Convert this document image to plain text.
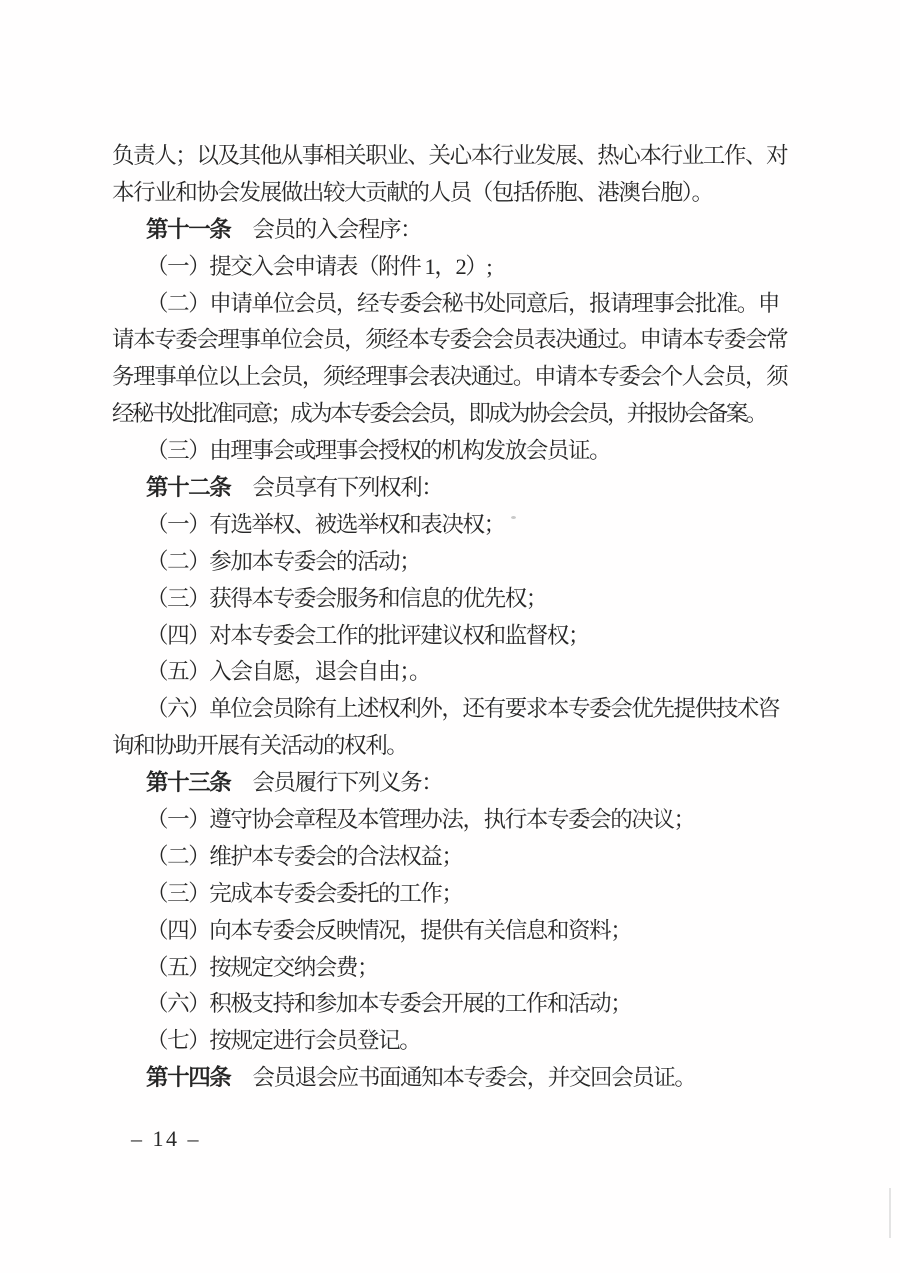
负责人；以及其他从事相关职业、关心本行业发展、热心本行业工作、对
本行业和协会发展做出较大贡献的人员（包括侨胞、港澳台胞）。
第十一条 会员的入会程序：
（一）提交入会申请表（附件 1，2）;
（二）申请单位会员，经专委会秘书处同意后，报请理事会批准。申
请本专委会理事单位会员，须经本专委会会员表决通过。申请本专委会常
务理事单位以上会员，须经理事会表决通过。申请本专委会个人会员，须
经秘书处批准同意；成为本专委会会员，即成为协会会员，并报协会备案。
（三）由理事会或理事会授权的机构发放会员证。
第十二条 会员享有下列权利：
（一）有选举权、被选举权和表决权；
（二）参加本专委会的活动；
（三）获得本专委会服务和信息的优先权；
（四）对本专委会工作的批评建议权和监督权；
（五）入会自愿，退会自由；。
（六）单位会员除有上述权利外，还有要求本专委会优先提供技术咨
询和协助开展有关活动的权利。
第十三条 会员履行下列义务：
（一）遵守协会章程及本管理办法，执行本专委会的决议；
（二）维护本专委会的合法权益；
（三）完成本专委会委托的工作；
（四）向本专委会反映情况，提供有关信息和资料；
（五）按规定交纳会费；
（六）积极支持和参加本专委会开展的工作和活动；
（七）按规定进行会员登记。
第十四条 会员退会应书面通知本专委会，并交回会员证。
– 14 –
